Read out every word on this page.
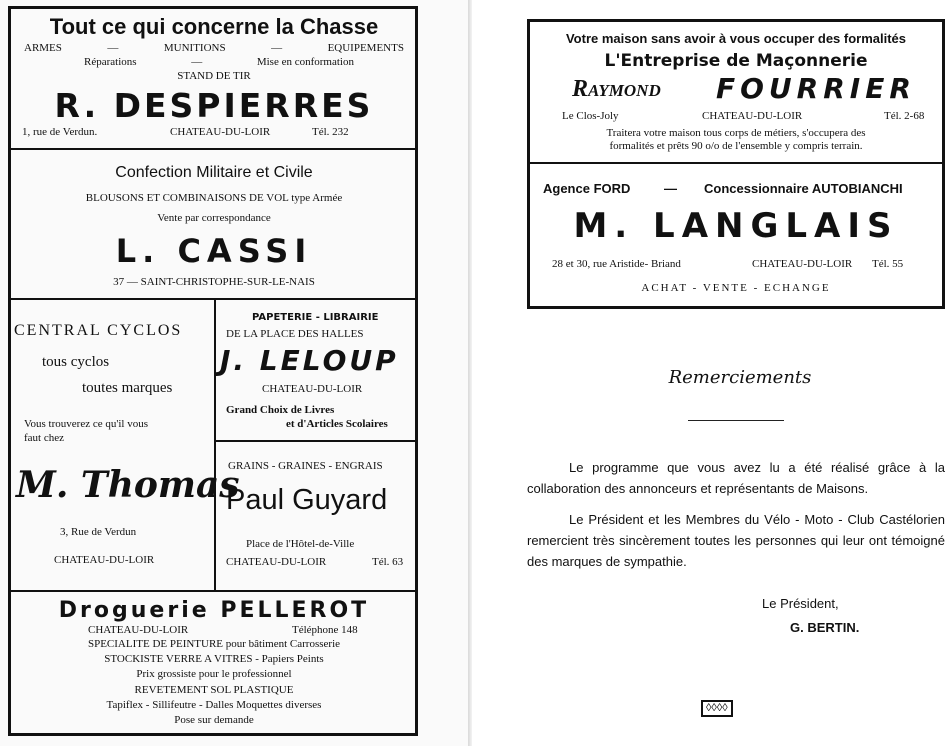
Tout ce qui concerne la Chasse
ARMES	—	MUNITIONS	—	EQUIPEMENTS
Réparations	—	Mise en conformation
STAND DE TIR
R. DESPIERRES
1, rue de Verdun.	CHATEAU-DU-LOIR	Tél. 232
Confection Militaire et Civile
BLOUSONS ET COMBINAISONS DE VOL type Armée
Vente par correspondance
L. CASSI
37 — SAINT-CHRISTOPHE-SUR-LE-NAIS
CENTRAL CYCLOS
tous cyclos
toutes marques
Vous trouverez ce qu'il vous
faut chez
M. Thomas
3, Rue de Verdun
CHATEAU-DU-LOIR
PAPETERIE - LIBRAIRIE
DE LA PLACE DES HALLES
J. LELOUP
CHATEAU-DU-LOIR
Grand Choix de Livres
et d'Articles Scolaires
GRAINS - GRAINES - ENGRAIS
Paul Guyard
Place de l'Hôtel-de-Ville
CHATEAU-DU-LOIR	Tél. 63
Droguerie PELLEROT
CHATEAU-DU-LOIR	Téléphone 148
SPECIALITE DE PEINTURE pour bâtiment Carrosserie
STOCKISTE VERRE A VITRES - Papiers Peints
Prix grossiste pour le professionnel
REVETEMENT SOL PLASTIQUE
Tapiflex - Sillifeutre - Dalles Moquettes diverses
Pose sur demande
Votre maison sans avoir à vous occuper des formalités
L'Entreprise de Maçonnerie
Raymond FOURRIER
Le Clos-Joly	CHATEAU-DU-LOIR	Tél. 2-68
Traitera votre maison tous corps de métiers, s'occupera des
formalités et prêts 90 o/o de l'ensemble y compris terrain.
Agence FORD	— Concessionnaire AUTOBIANCHI
M. LANGLAIS
28 et 30, rue Aristide- Briand	CHATEAU-DU-LOIR Tél. 55
ACHAT - VENTE - ECHANGE
Remerciements
Le programme que vous avez lu a été réalisé grâce à la collaboration des annonceurs et représentants de Maisons.
Le Président et les Membres du Vélo - Moto - Club Castélorien remercient très sincèrement toutes les personnes qui leur ont témoigné des marques de sympathie.
Le Président,
G. BERTIN.
◊◊◊◊
